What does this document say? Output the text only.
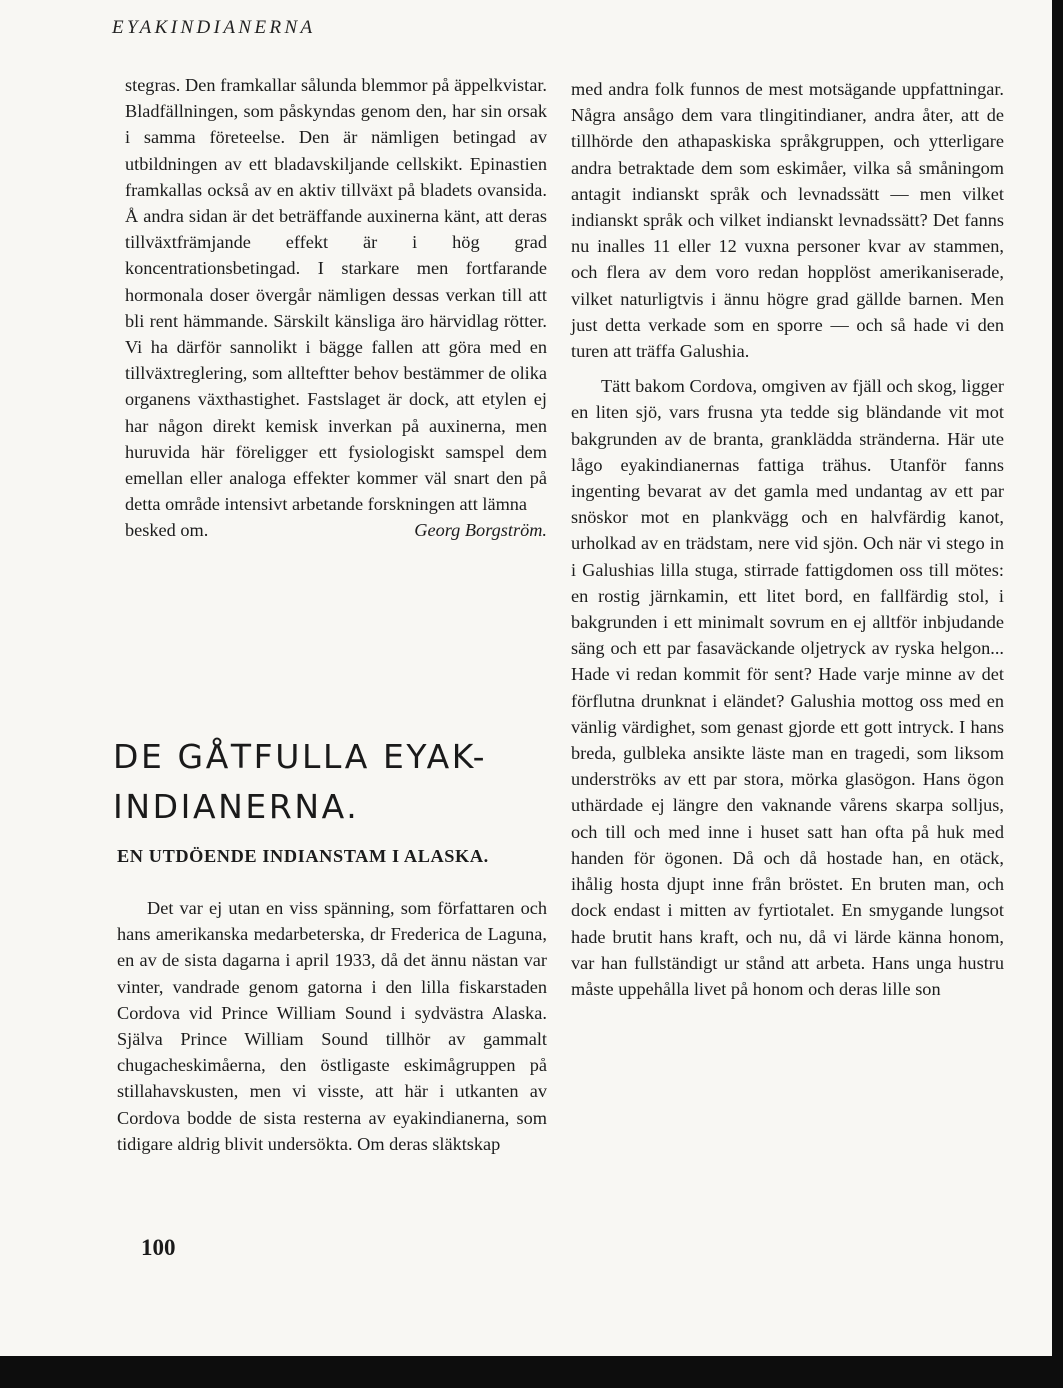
EYAKINDIANERNA

stegras. Den framkallar sålunda blemmor på äppelkvistar. Bladfällningen, som påskyndas genom den, har sin orsak i samma företeelse. Den är nämligen betingad av utbildningen av ett bladavskiljande cellskikt. Epinastien framkallas också av en aktiv tillväxt på bladets ovansida. Å andra sidan är det beträffande auxinerna känt, att deras tillväxtfrämjande effekt är i hög grad koncentrationsbetingad. I starkare men fortfarande hormonala doser övergår nämligen dessas verkan till att bli rent hämmande. Särskilt känsliga äro härvidlag rötter. Vi ha därför sannolikt i bägge fallen att göra med en tillväxtreglering, som allteftter behov bestämmer de olika organens växthastighet. Fastslaget är dock, att etylen ej har någon direkt kemisk inverkan på auxinerna, men huruvida här föreligger ett fysiologiskt samspel dem emellan eller analoga effekter kommer väl snart den på detta område intensivt arbetande forskningen att lämna

besked om.	Georg Borgström.
DE GÅTFULLA EYAK-
INDIANERNA.
EN UTDÖENDE INDIANSTAM I ALASKA.

Det var ej utan en viss spänning, som författaren och hans amerikanska medarbeterska, dr Frederica de Laguna, en av de sista dagarna i april 1933, då det ännu nästan var vinter, vandrade genom gatorna i den lilla fiskarstaden Cordova vid Prince William Sound i sydvästra Alaska. Själva Prince William Sound tillhör av gammalt chugacheskimåerna, den östligaste eskimågruppen på stillahavskusten, men vi visste, att här i utkanten av Cordova bodde de sista resterna av eyakindianerna, som tidigare aldrig blivit undersökta. Om deras släktskap

med andra folk funnos de mest motsägande uppfattningar. Några ansågo dem vara tlingitindianer, andra åter, att de tillhörde den athapaskiska språkgruppen, och ytterligare andra betraktade dem som eskimåer, vilka så småningom antagit indianskt språk och levnadssätt — men vilket indianskt språk och vilket indianskt levnadssätt? Det fanns nu inalles 11 eller 12 vuxna personer kvar av stammen, och flera av dem voro redan hopplöst amerikaniserade, vilket naturligtvis i ännu högre grad gällde barnen. Men just detta verkade som en sporre — och så hade vi den turen att träffa Galushia.

Tätt bakom Cordova, omgiven av fjäll och skog, ligger en liten sjö, vars frusna yta tedde sig bländande vit mot bakgrunden av de branta, granklädda stränderna. Här ute lågo eyakindianernas fattiga trähus. Utanför fanns ingenting bevarat av det gamla med undantag av ett par snöskor mot en plankvägg och en halvfärdig kanot, urholkad av en trädstam, nere vid sjön. Och när vi stego in i Galushias lilla stuga, stirrade fattigdomen oss till mötes: en rostig järnkamin, ett litet bord, en fallfärdig stol, i bakgrunden i ett minimalt sovrum en ej alltför inbjudande säng och ett par fasaväckande oljetryck av ryska helgon... Hade vi redan kommit för sent? Hade varje minne av det förflutna drunknat i eländet? Galushia mottog oss med en vänlig värdighet, som genast gjorde ett gott intryck. I hans breda, gulbleka ansikte läste man en tragedi, som liksom underströks av ett par stora, mörka glasögon. Hans ögon uthärdade ej längre den vaknande vårens skarpa solljus, och till och med inne i huset satt han ofta på huk med handen för ögonen. Då och då hostade han, en otäck, ihålig hosta djupt inne från bröstet. En bruten man, och dock endast i mitten av fyrtiotalet. En smygande lungsot hade brutit hans kraft, och nu, då vi lärde känna honom, var han fullständigt ur stånd att arbeta. Hans unga hustru måste uppehålla livet på honom och deras lille son

100
